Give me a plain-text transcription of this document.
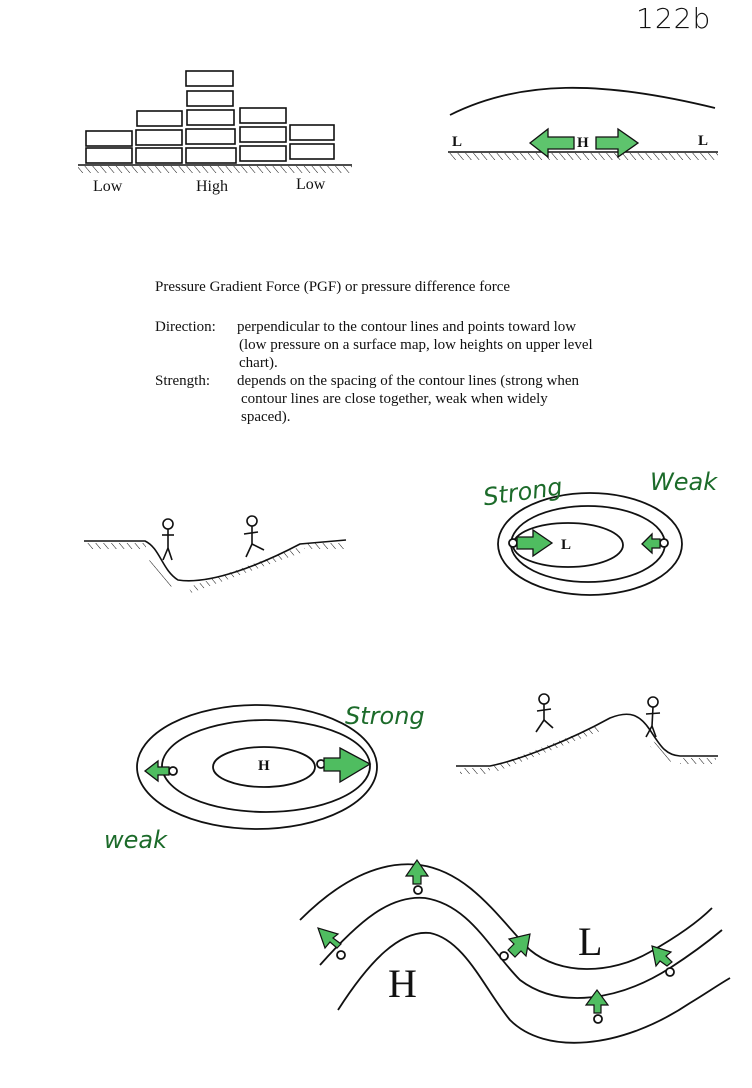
122b
Low	High	Low
L	H	L
Pressure Gradient Force (PGF) or pressure difference force
Direction:	perpendicular to the contour lines and points toward low
(low pressure on a surface map, low heights on upper level
chart).
Strength:	depends on the spacing of the contour lines (strong when
contour lines are close together, weak when widely
spaced).
Strong	Weak
L
Strong
weak
H
H
L
